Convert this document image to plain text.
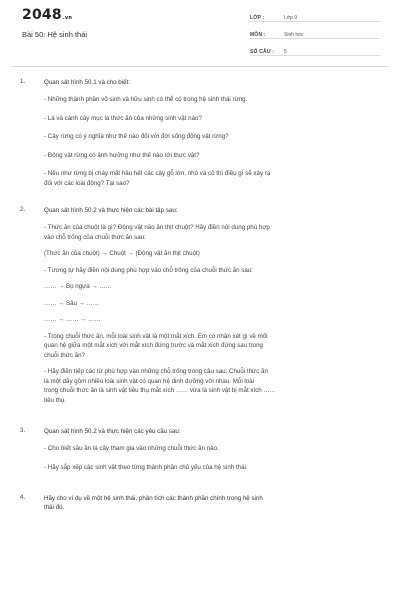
2048.vn
Bài 50: Hệ sinh thái
LỚP :	Lớp 9
MÔN :	Sinh học
SỐ CÂU :	5
1.	Quan sát hình 50.1 và cho biết:
- Những thành phần vô sinh và hữu sinh có thể có trong hệ sinh thái rừng.
- Lá và cành cây mục là thức ăn của những sinh vật nào?
- Cây rừng có ý nghĩa như thế nào đối với đời sống động vật rừng?
- Động vật rừng có ảnh hưởng như thế nào tới thực vật?
- Nếu như rừng bị cháy mất hầu hết các cây gỗ lớn, nhỏ và cỏ thì điều gì sẽ xảy ra
đối với các loài động? Tại sao?
2.	Quan sát hình 50.2 và thực hiện các bài tập sau:
- Thức ăn của chuột là gì? Động vật nào ăn thịt chuột? Hãy điền nội dung phù hợp
vào chỗ trống của chuỗi thức ăn sau:
(Thức ăn của chuột) → Chuột → (Động vật ăn thịt chuột)
- Tương tự hãy điền nội dung phù hợp vào chỗ trống của chuỗi thức ăn sau:
…… → Bọ ngựa → ……
…… → Sâu → ……
…… → …… → ……
- Trong chuỗi thức ăn, mỗi loài sinh vật là một mắt xích. Em có nhận xét gì về mối
quan hệ giữa một mắt xích với mắt xích đứng trước và mắt xích đứng sau trong
chuỗi thức ăn?
- Hãy điền tiếp các từ phù hợp vào những chỗ trống trong câu sau: Chuỗi thức ăn
là một dãy gồm nhiều loài sinh vật có quan hệ dinh dưỡng với nhau. Mỗi loài
trong chuỗi thức ăn là sinh vật tiêu thụ mắt xích …… vừa là sinh vật bị mắt xích ……
tiêu thụ.
3.	Quan sát hình 50.2 và thực hiện các yêu cầu sau:
- Cho biết sâu ăn lá cây tham gia vào những chuỗi thức ăn nào.
- Hãy sắp xếp các sinh vật theo từng thành phần chủ yếu của hệ sinh thái.
4.	Hãy cho ví dụ về một hệ sinh thái, phân tích các thành phần chính trong hệ sinh
thái đó.
